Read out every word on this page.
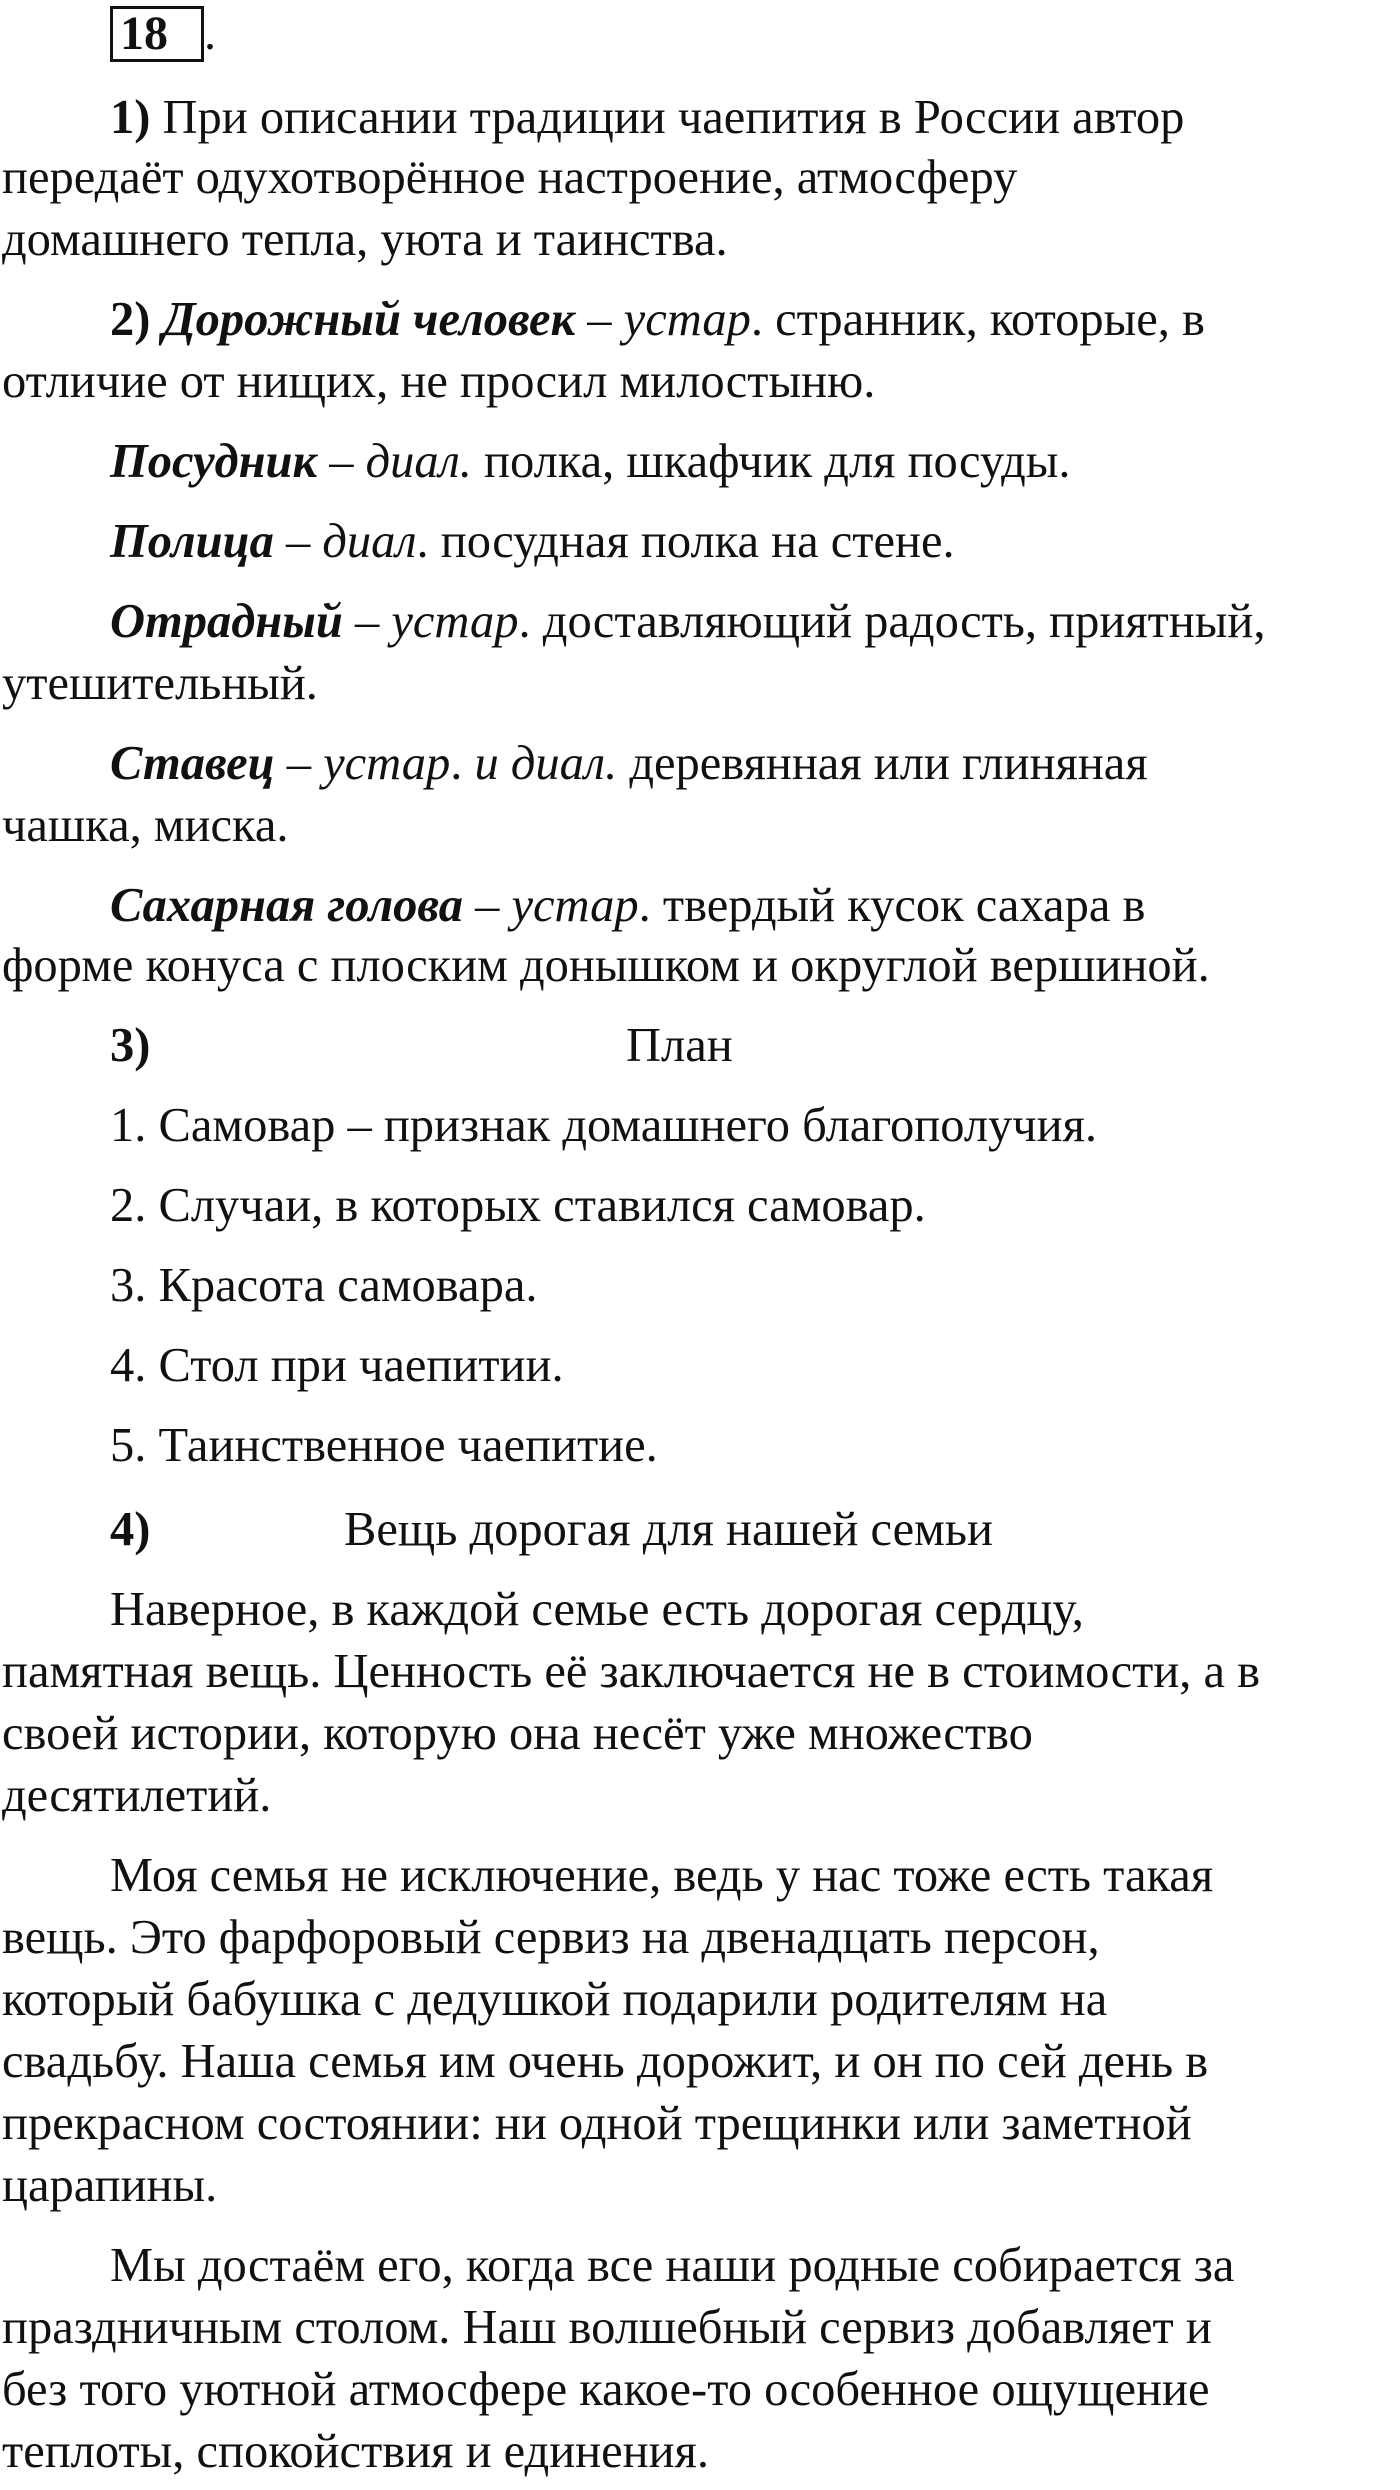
18 .
1) При описании традиции чаепития в России автор
передаёт одухотворённое настроение, атмосферу
домашнего тепла, уюта и таинства.
2) Дорожный человек – устар. странник, которые, в
отличие от нищих, не просил милостыню.
Посудник – диал. полка, шкафчик для посуды.
Полица – диал. посудная полка на стене.
Отрадный – устар. доставляющий радость, приятный,
утешительный.
Ставец – устар. и диал. деревянная или глиняная
чашка, миска.
Сахарная голова – устар. твердый кусок сахара в
форме конуса с плоским донышком и округлой вершиной.
3)	План
1. Самовар – признак домашнего благополучия.
2. Случаи, в которых ставился самовар.
3. Красота самовара.
4. Стол при чаепитии.
5. Таинственное чаепитие.
4)	Вещь дорогая для нашей семьи
Наверное, в каждой семье есть дорогая сердцу,
памятная вещь. Ценность её заключается не в стоимости, а в
своей истории, которую она несёт уже множество
десятилетий.
Моя семья не исключение, ведь у нас тоже есть такая
вещь. Это фарфоровый сервиз на двенадцать персон,
который бабушка с дедушкой подарили родителям на
свадьбу. Наша семья им очень дорожит, и он по сей день в
прекрасном состоянии: ни одной трещинки или заметной
царапины.
Мы достаём его, когда все наши родные собирается за
праздничным столом. Наш волшебный сервиз добавляет и
без того уютной атмосфере какое-то особенное ощущение
теплоты, спокойствия и единения.
